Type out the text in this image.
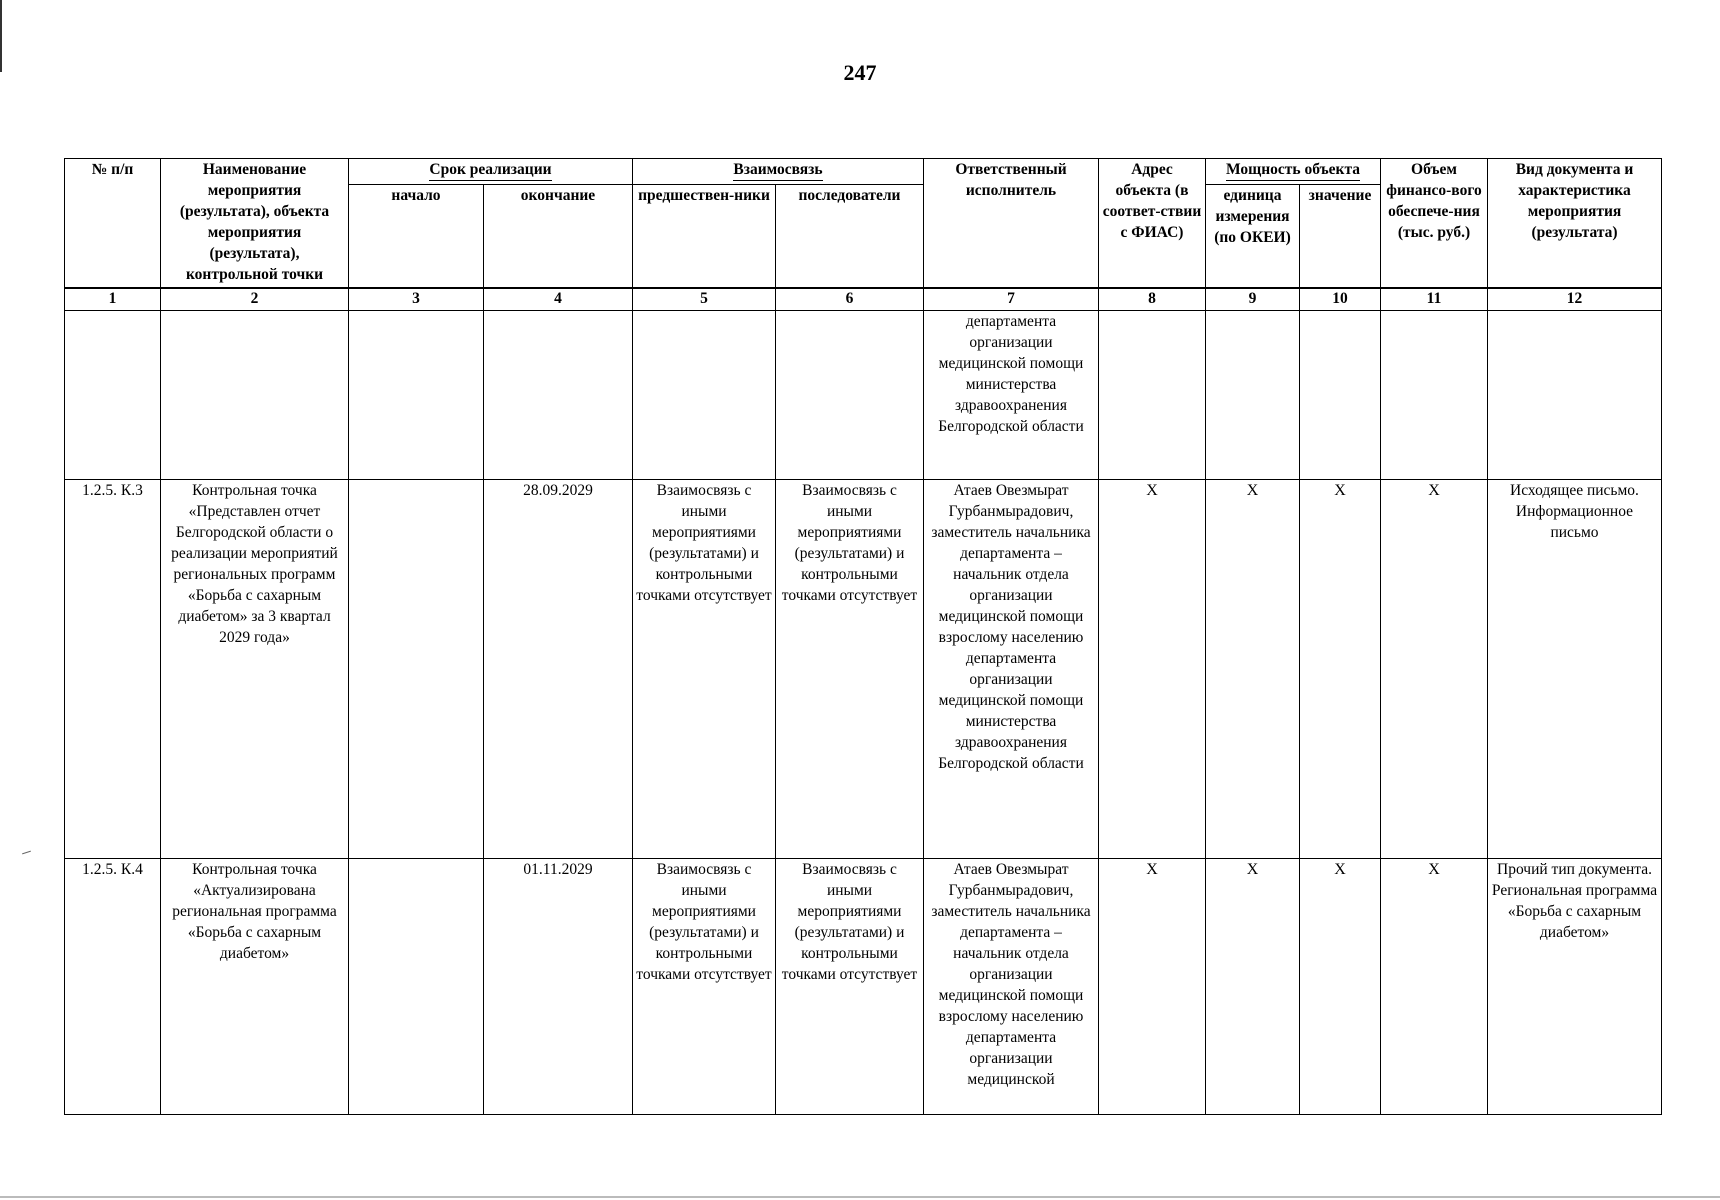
247
№ п/п	Наименование мероприятия (результата), объекта мероприятия (результата), контрольной точки	Срок реализации		Взаимосвязь		Ответственный исполнитель	Адрес объекта (в соответ-ствии с ФИАС)	Мощность объекта		Объем финансо-вого обеспече-ния (тыс. руб.)	Вид документа и характеристика мероприятия (результата)
		начало	окончание	предшествен-ники	последователи			единица измерения (по ОКЕИ)	значение		
1	2	3	4	5	6	7	8	9	10	11	12
						департамента организации медицинской помощи министерства здравоохранения Белгородской области					
1.2.5. К.3	Контрольная точка «Представлен отчет Белгородской области о реализации мероприятий региональных программ «Борьба с сахарным диабетом» за 3 квартал 2029 года»		28.09.2029	Взаимосвязь с иными мероприятиями (результатами) и контрольными точками отсутствует	Взаимосвязь с иными мероприятиями (результатами) и контрольными точками отсутствует	Атаев Овезмырат Гурбанмырадович, заместитель начальника департамента – начальник отдела организации медицинской помощи взрослому населению департамента организации медицинской помощи министерства здравоохранения Белгородской области	Х	Х	Х	Х	Исходящее письмо. Информационное письмо
1.2.5. К.4	Контрольная точка «Актуализирована региональная программа «Борьба с сахарным диабетом»		01.11.2029	Взаимосвязь с иными мероприятиями (результатами) и контрольными точками отсутствует	Взаимосвязь с иными мероприятиями (результатами) и контрольными точками отсутствует	Атаев Овезмырат Гурбанмырадович, заместитель начальника департамента – начальник отдела организации медицинской помощи взрослому населению департамента организации медицинской	Х	Х	Х	Х	Прочий тип документа. Региональная программа «Борьба с сахарным диабетом»
